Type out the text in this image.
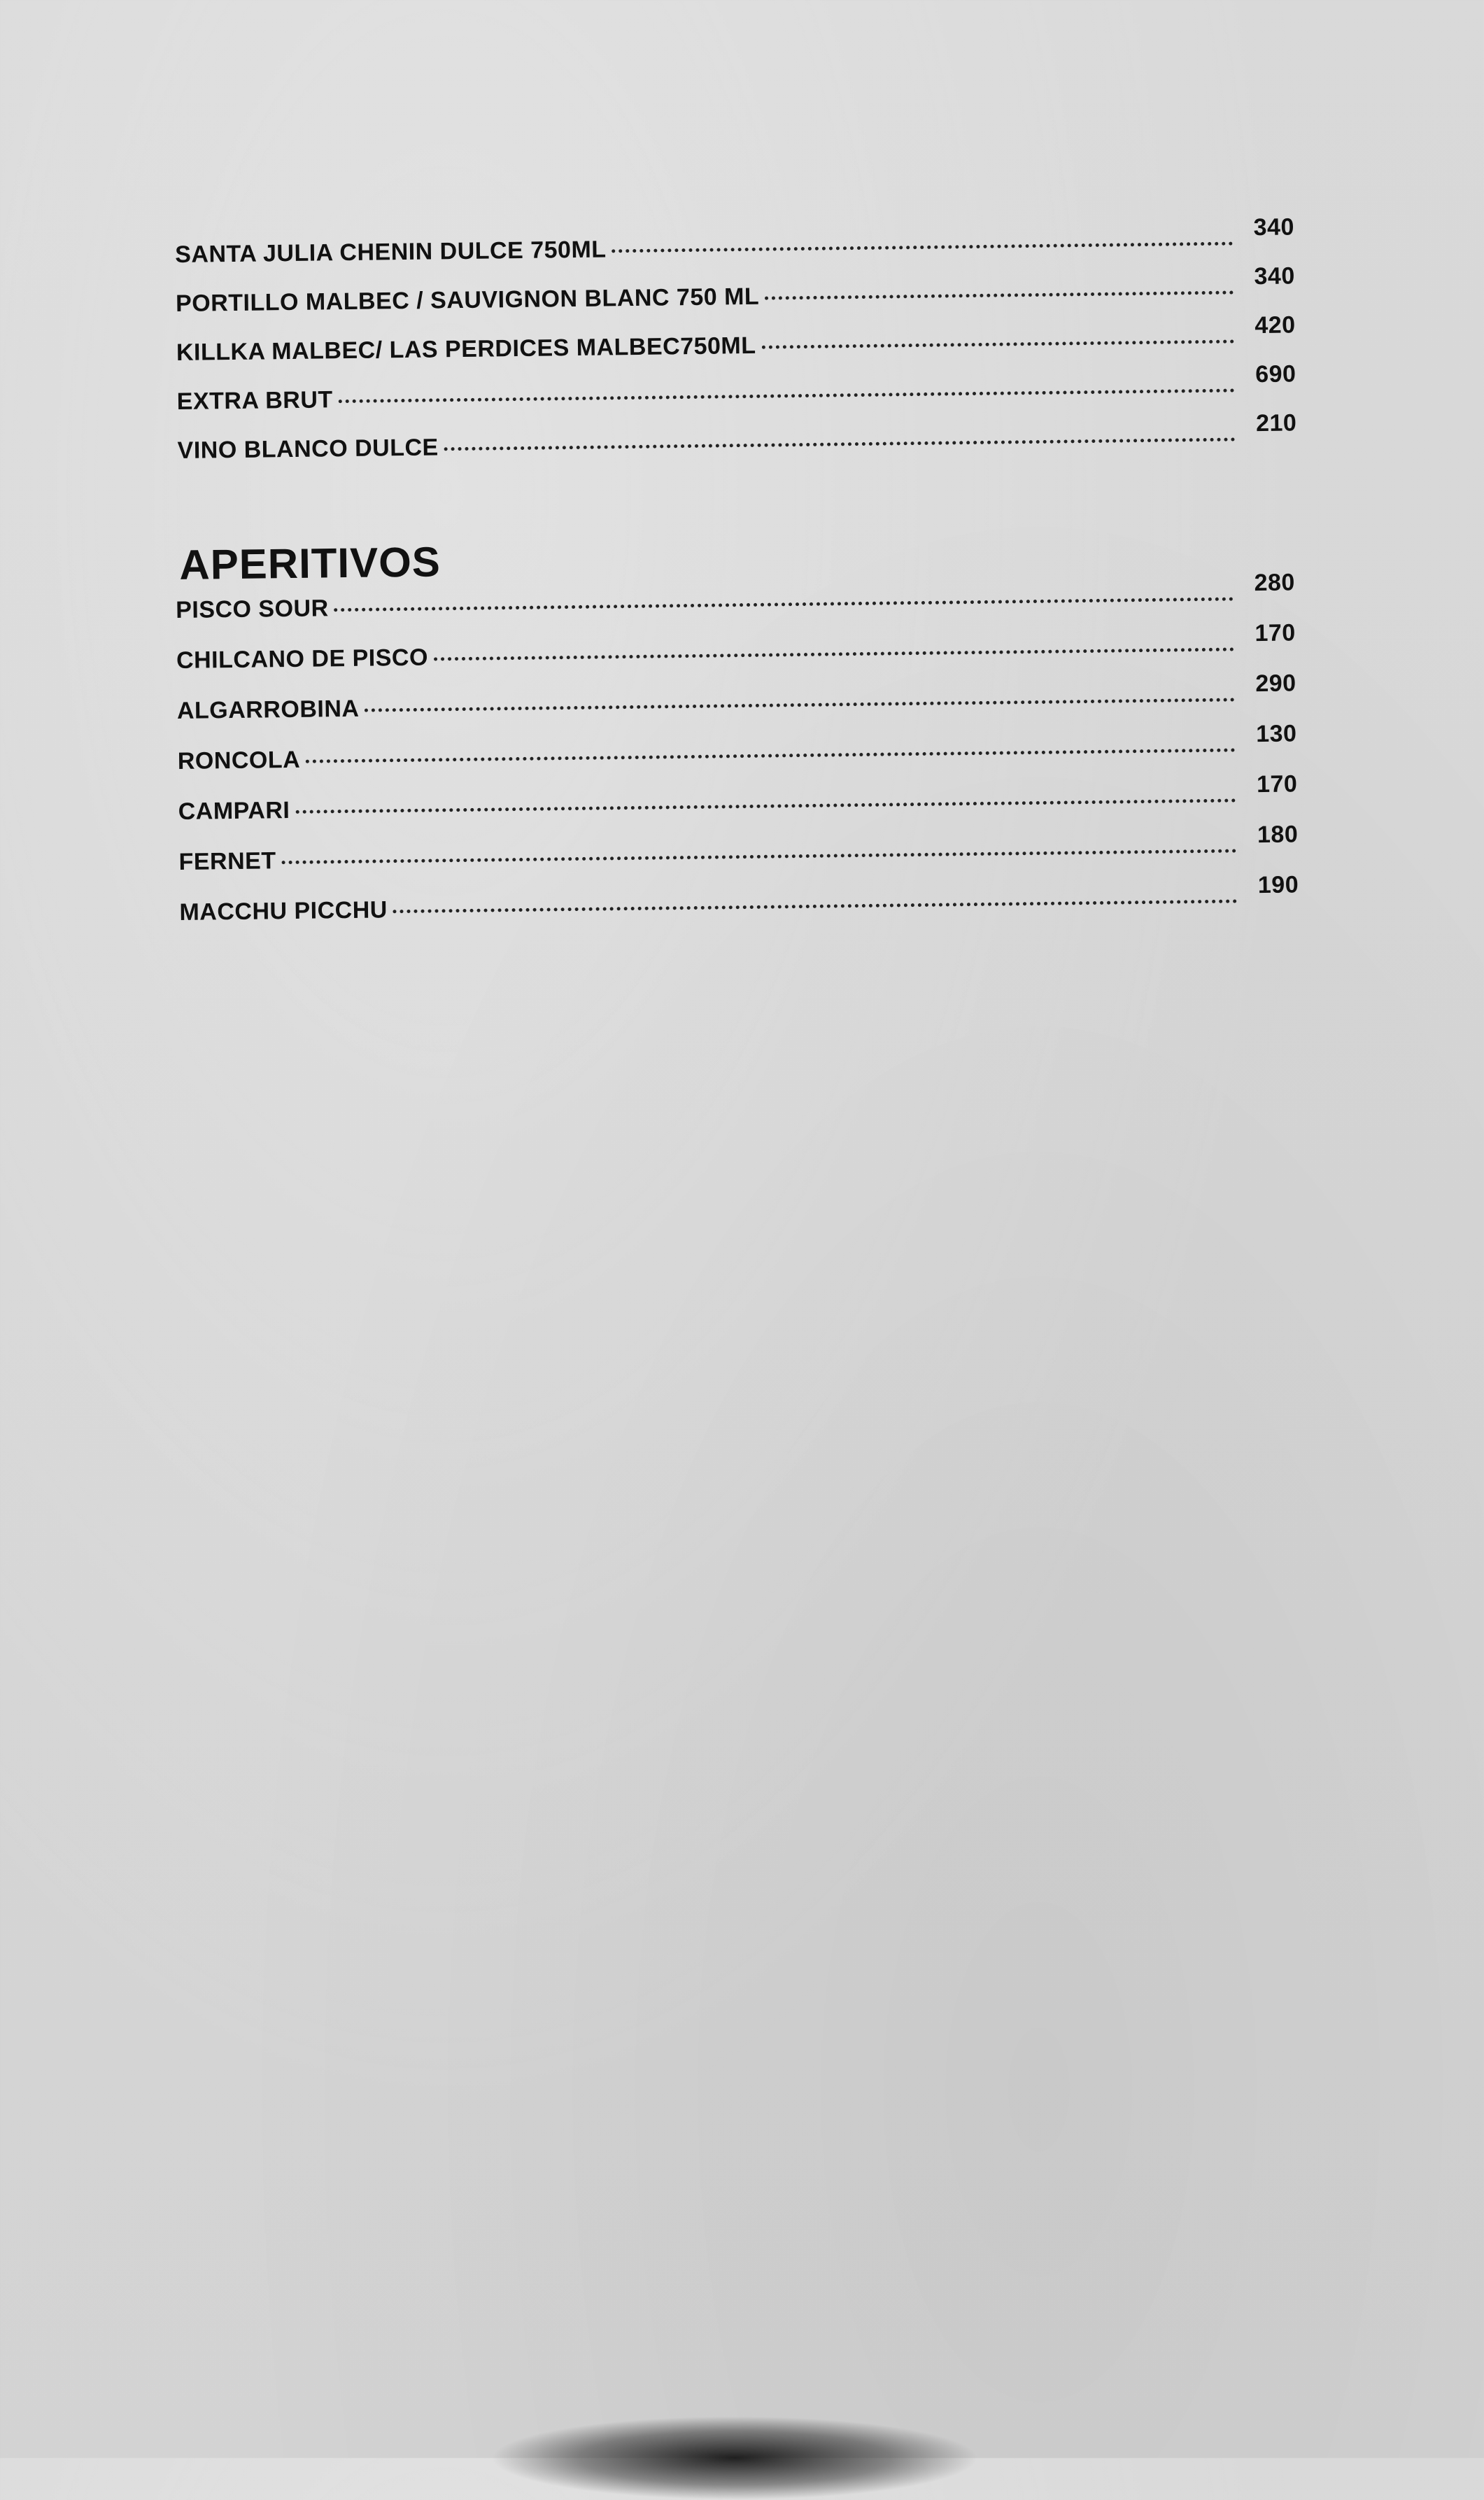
SANTA JULIA CHENIN DULCE 750ML
340
PORTILLO MALBEC / SAUVIGNON BLANC 750 ML
340
KILLKA MALBEC/ LAS PERDICES MALBEC750ML
420
EXTRA BRUT
690
VINO BLANCO DULCE
210
APERITIVOS
PISCO SOUR
280
CHILCANO DE PISCO
170
ALGARROBINA
290
RONCOLA
130
CAMPARI
170
FERNET
180
MACCHU PICCHU
190
